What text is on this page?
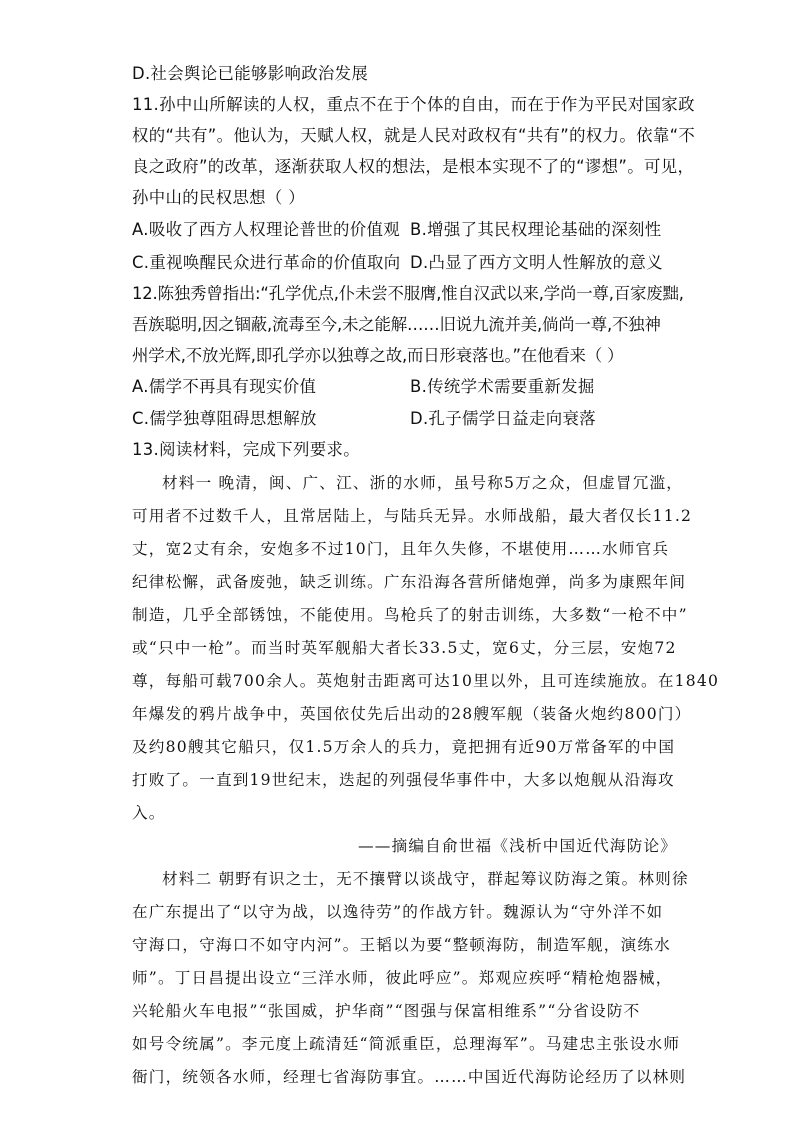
D.社会舆论已能够影响政治发展
11.孙中山所解读的人权，重点不在于个体的自由，而在于作为平民对国家政
权的“共有”。他认为，天赋人权，就是人民对政权有“共有”的权力。依靠“不
良之政府”的改革，逐渐获取人权的想法，是根本实现不了的“谬想”。可见，
孙中山的民权思想（ ）
A.吸收了西方人权理论普世的价值观 B.增强了其民权理论基础的深刻性
C.重视唤醒民众进行革命的价值取向 D.凸显了西方文明人性解放的意义
12.陈独秀曾指出:“孔学优点,仆未尝不服膺,惟自汉武以来,学尚一尊,百家废黜,
吾族聪明,因之锢蔽,流毒至今,未之能解……旧说九流并美,倘尚一尊,不独神
州学术,不放光辉,即孔学亦以独尊之故,而日形衰落也。”在他看来（ ）
A.儒学不再具有现实价值	B.传统学术需要重新发掘
C.儒学独尊阻碍思想解放	D.孔子儒学日益走向衰落
13.阅读材料，完成下列要求。
材料一 晚清，闽、广、江、浙的水师，虽号称5万之众，但虚冒冗滥，
可用者不过数千人，且常居陆上，与陆兵无异。水师战船，最大者仅长11.2
丈，宽2丈有余，安炮多不过10门，且年久失修，不堪使用……水师官兵
纪律松懈，武备废弛，缺乏训练。广东沿海各营所储炮弹，尚多为康熙年间
制造，几乎全部锈蚀，不能使用。鸟枪兵了的射击训练，大多数“一枪不中”
或“只中一枪”。而当时英军舰船大者长33.5丈，宽6丈，分三层，安炮72
尊，每船可载700余人。英炮射击距离可达10里以外，且可连续施放。在1840
年爆发的鸦片战争中，英国依仗先后出动的28艘军舰（装备火炮约800门）
及约80艘其它船只，仅1.5万余人的兵力，竟把拥有近90万常备军的中国
打败了。一直到19世纪末，迭起的列强侵华事件中，大多以炮舰从沿海攻
入。
——摘编自俞世福《浅析中国近代海防论》
材料二 朝野有识之士，无不攘臂以谈战守，群起筹议防海之策。林则徐
在广东提出了“以守为战，以逸待劳”的作战方针。魏源认为“守外洋不如
守海口，守海口不如守内河”。王韬以为要“整顿海防，制造军舰，演练水
师”。丁日昌提出设立“三洋水师，彼此呼应”。郑观应疾呼“精枪炮器械，
兴轮船火车电报”“张国威，护华商”“图强与保富相维系”“分省设防不
如号令统属”。李元度上疏清廷“简派重臣，总理海军”。马建忠主张设水师
衙门，统领各水师，经理七省海防事宜。……中国近代海防论经历了以林则
